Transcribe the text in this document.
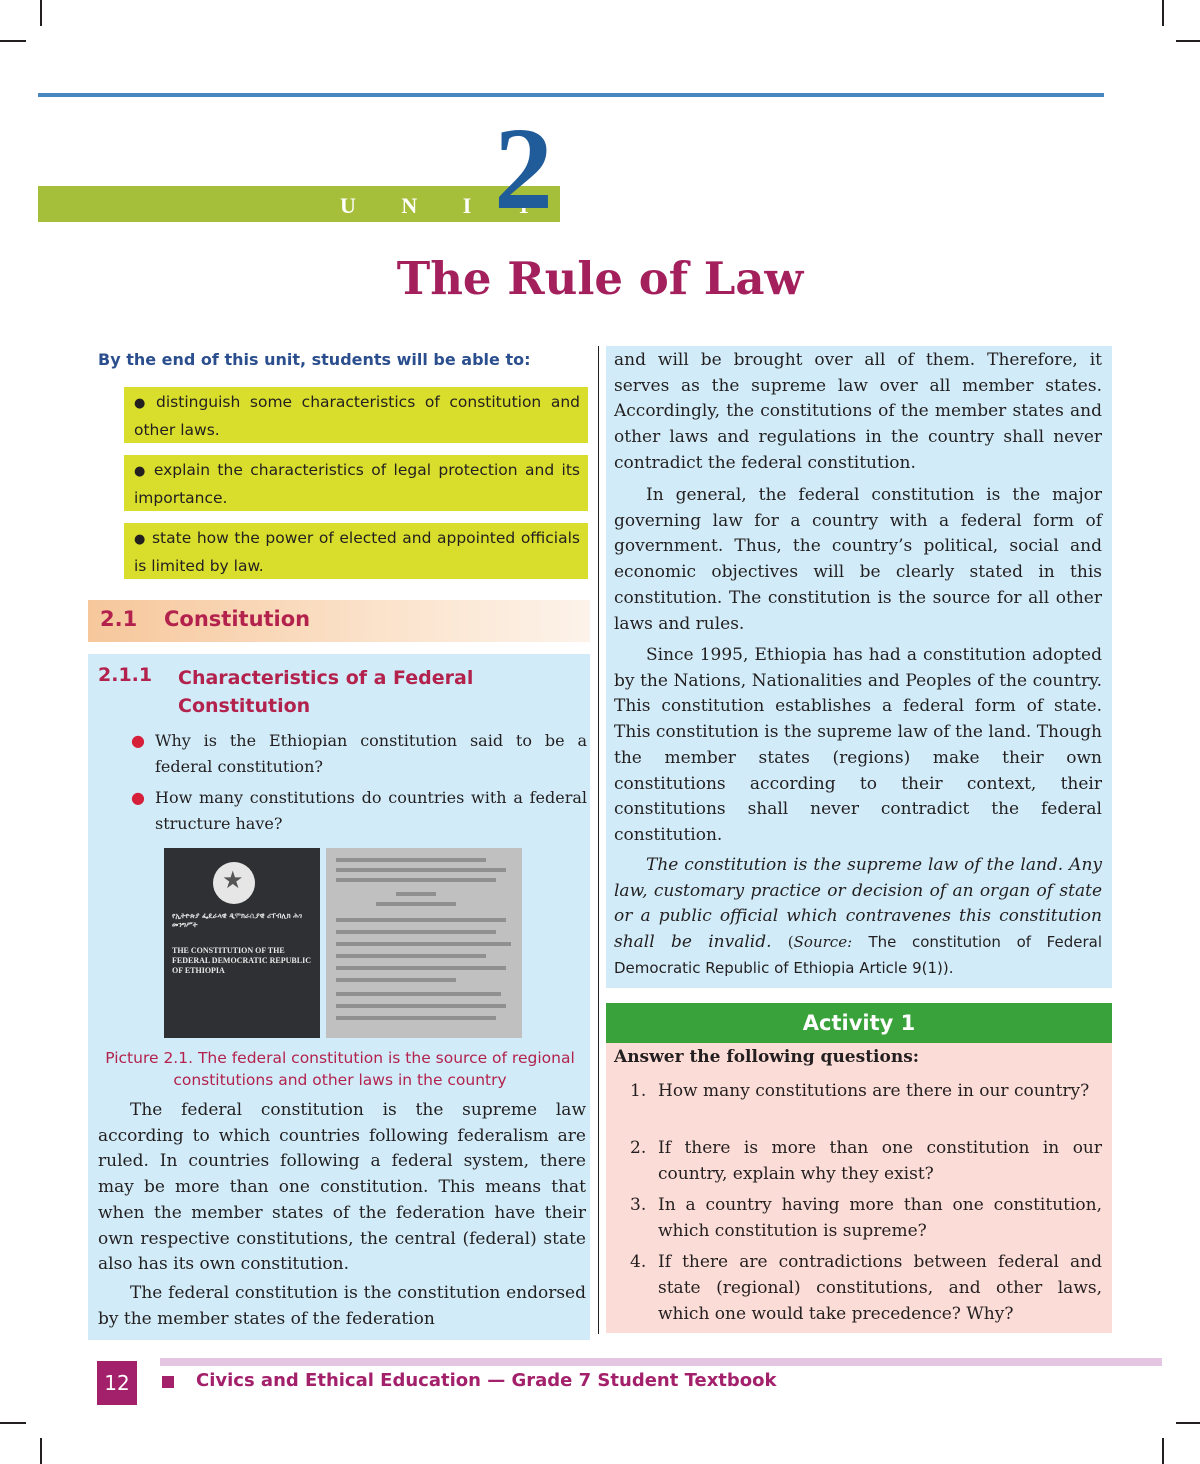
U N I T
2
The Rule of Law
By the end of this unit, students will be able to:
● distinguish some characteristics of constitution and other laws.
● explain the characteristics of legal protection and its importance.
● state how the power of elected and appointed officials is limited by law.
2.1 Constitution
2.1.1 Characteristics of a Federal Constitution
● Why is the Ethiopian constitution said to be a federal constitution?
● How many constitutions do countries with a federal structure have?
★
የኢትዮጵያ ፌዴራላዊ ዲሞክራሲያዊ ሪፐብሊክ ሕገ መንግሥት
THE CONSTITUTION OF THE FEDERAL DEMOCRATIC REPUBLIC OF ETHIOPIA
Picture 2.1. The federal constitution is the source of regional constitutions and other laws in the country
The federal constitution is the supreme law according to which countries following federalism are ruled. In countries following a federal system, there may be more than one constitution. This means that when the member states of the federation have their own respective constitutions, the central (federal) state also has its own constitution.
The federal constitution is the constitution endorsed by the member states of the federation
and will be brought over all of them. Therefore, it serves as the supreme law over all member states. Accordingly, the constitutions of the member states and other laws and regulations in the country shall never contradict the federal constitution.
In general, the federal constitution is the major governing law for a country with a federal form of government. Thus, the country’s political, social and economic objectives will be clearly stated in this constitution. The constitution is the source for all other laws and rules.
Since 1995, Ethiopia has had a constitution adopted by the Nations, Nationalities and Peoples of the country. This constitution establishes a federal form of state. This constitution is the supreme law of the land. Though the member states (regions) make their own constitutions according to their context, their constitutions shall never contradict the federal constitution.
The constitution is the supreme law of the land. Any law, customary practice or decision of an organ of state or a public official which contravenes this constitution shall be invalid. (Source: The constitution of Federal Democratic Republic of Ethiopia Article 9(1)).
Activity 1
Answer the following questions:
1. How many constitutions are there in our country?
2. If there is more than one constitution in our country, explain why they exist?
3. In a country having more than one constitution, which constitution is supreme?
4. If there are contradictions between federal and state (regional) constitutions, and other laws, which one would take precedence? Why?
12	Civics and Ethical Education — Grade 7 Student Textbook
